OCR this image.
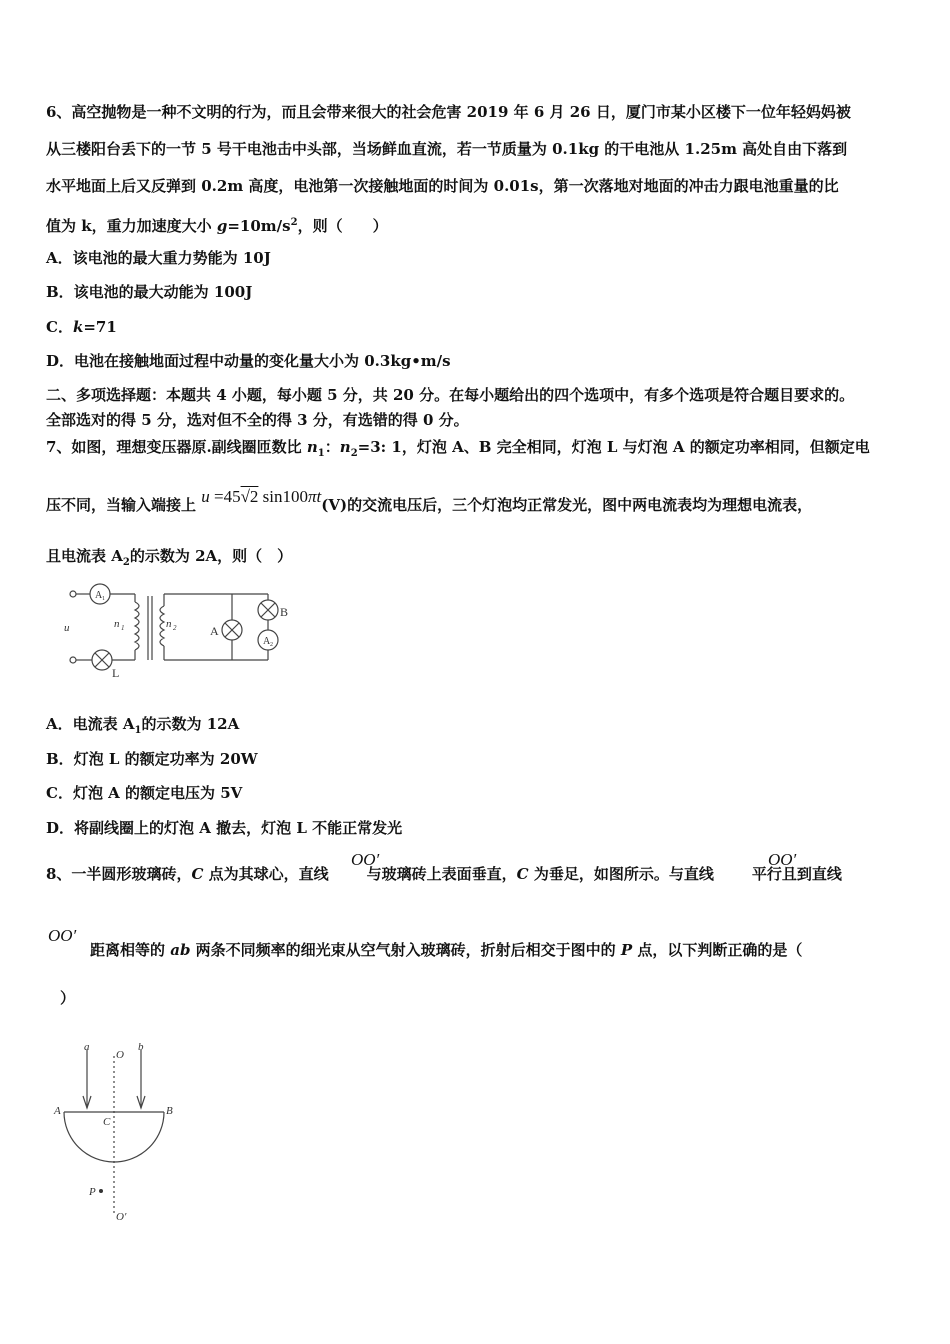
6、高空抛物是一种不文明的行为，而且会带来很大的社会危害 2019 年 6 月 26 日，厦门市某小区楼下一位年轻妈妈被
从三楼阳台丢下的一节 5 号干电池击中头部，当场鲜血直流，若一节质量为 0.1kg 的干电池从 1.25m 高处自由下落到
水平地面上后又反弹到 0.2m 高度，电池第一次接触地面的时间为 0.01s，第一次落地对地面的冲击力跟电池重量的比
值为 k，重力加速度大小 $g=10m/s^2$，则（　　）
A．该电池的最大重力势能为 10J
B．该电池的最大动能为 100J
C．k=71
D．电池在接触地面过程中动量的变化量大小为 0.3kg•m/s
二、多项选择题：本题共 4 小题，每小题 5 分，共 20 分。在每小题给出的四个选项中，有多个选项是符合题目要求的。
全部选对的得 5 分，选对但不全的得 3 分，有选错的得 0 分。
7、如图，理想变压器原.副线圈匝数比 $n_1$：$n_2=3$: 1，灯泡 A、B 完全相同，灯泡 L 与灯泡 A 的额定功率相同，但额定电
压不同，当输入端接上 u =45√2 sin100πt(V)的交流电压后，三个灯泡均正常发光，图中两电流表均为理想电流表，
且电流表 $A_2$的示数为 2A，则（　）
u	n 1	n 2
A 1
A 2
A
B
L
A．电流表 $A_1$的示数为 12A
B．灯泡 L 的额定功率为 20W
C．灯泡 A 的额定电压为 5V
D．将副线圈上的灯泡 A 撤去，灯泡 L 不能正常发光
8、一半圆形玻璃砖，C 点为其球心，直线	与玻璃砖上表面垂直，C 为垂足，如图所示。与直线	平行且到直线
OO′	OO′
OO′
距离相等的 ab 两条不同频率的细光束从空气射入玻璃砖，折射后相交于图中的 P 点，以下判断正确的是（
）
a
O
b
A	B
C
P
O′
